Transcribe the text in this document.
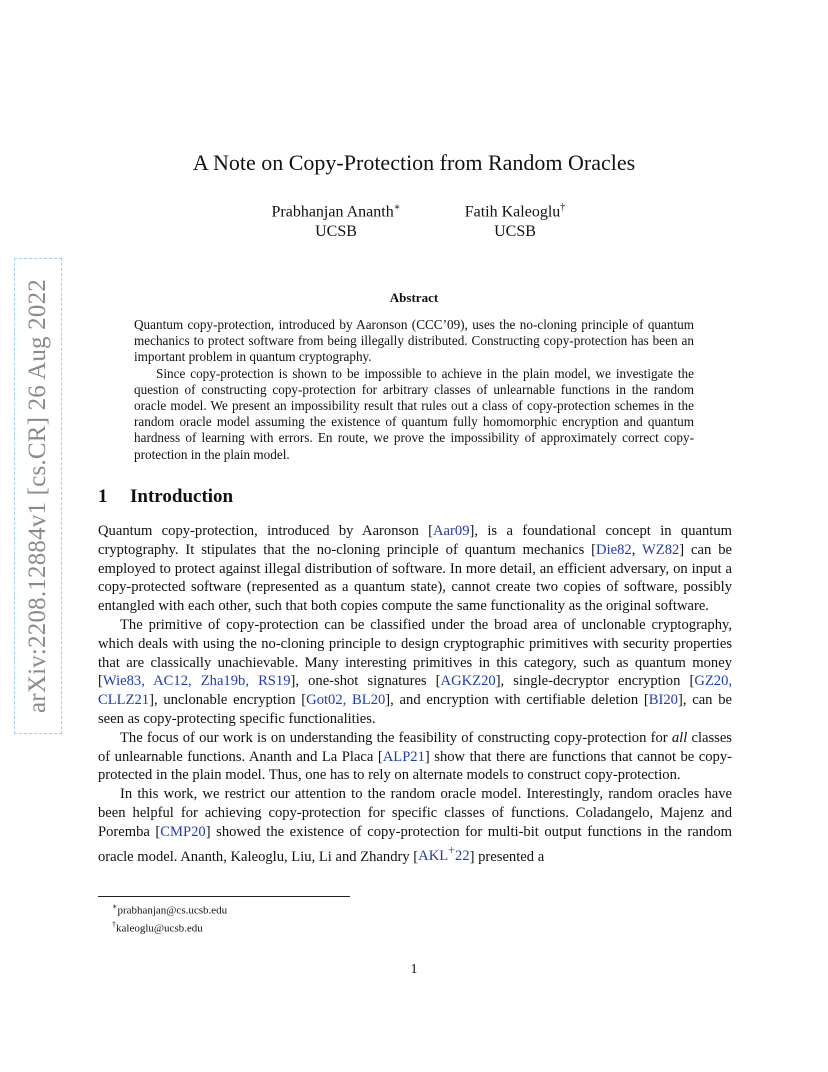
arXiv:2208.12884v1 [cs.CR] 26 Aug 2022
A Note on Copy-Protection from Random Oracles
Prabhanjan Ananth∗
UCSB
Fatih Kaleoglu†
UCSB
Abstract

Quantum copy-protection, introduced by Aaronson (CCC’09), uses the no-cloning principle of quantum mechanics to protect software from being illegally distributed. Constructing copy-protection has been an important problem in quantum cryptography.

Since copy-protection is shown to be impossible to achieve in the plain model, we investigate the question of constructing copy-protection for arbitrary classes of unlearnable functions in the random oracle model. We present an impossibility result that rules out a class of copy-protection schemes in the random oracle model assuming the existence of quantum fully homomorphic encryption and quantum hardness of learning with errors. En route, we prove the impossibility of approximately correct copy-protection in the plain model.

1 Introduction

Quantum copy-protection, introduced by Aaronson [Aar09], is a foundational concept in quantum cryptography. It stipulates that the no-cloning principle of quantum mechanics [Die82, WZ82] can be employed to protect against illegal distribution of software. In more detail, an efficient adversary, on input a copy-protected software (represented as a quantum state), cannot create two copies of software, possibly entangled with each other, such that both copies compute the same functionality as the original software.

The primitive of copy-protection can be classified under the broad area of unclonable cryptography, which deals with using the no-cloning principle to design cryptographic primitives with security properties that are classically unachievable. Many interesting primitives in this category, such as quantum money [Wie83, AC12, Zha19b, RS19], one-shot signatures [AGKZ20], single-decryptor encryption [GZ20, CLLZ21], unclonable encryption [Got02, BL20], and encryption with certifiable deletion [BI20], can be seen as copy-protecting specific functionalities.

The focus of our work is on understanding the feasibility of constructing copy-protection for all classes of unlearnable functions. Ananth and La Placa [ALP21] show that there are functions that cannot be copy-protected in the plain model. Thus, one has to rely on alternate models to construct copy-protection.

In this work, we restrict our attention to the random oracle model. Interestingly, random oracles have been helpful for achieving copy-protection for specific classes of functions. Coladangelo, Majenz and Poremba [CMP20] showed the existence of copy-protection for multi-bit output functions in the random oracle model. Ananth, Kaleoglu, Liu, Li and Zhandry [AKL+22] presented a

∗prabhanjan@cs.ucsb.edu
†kaleoglu@ucsb.edu
1
